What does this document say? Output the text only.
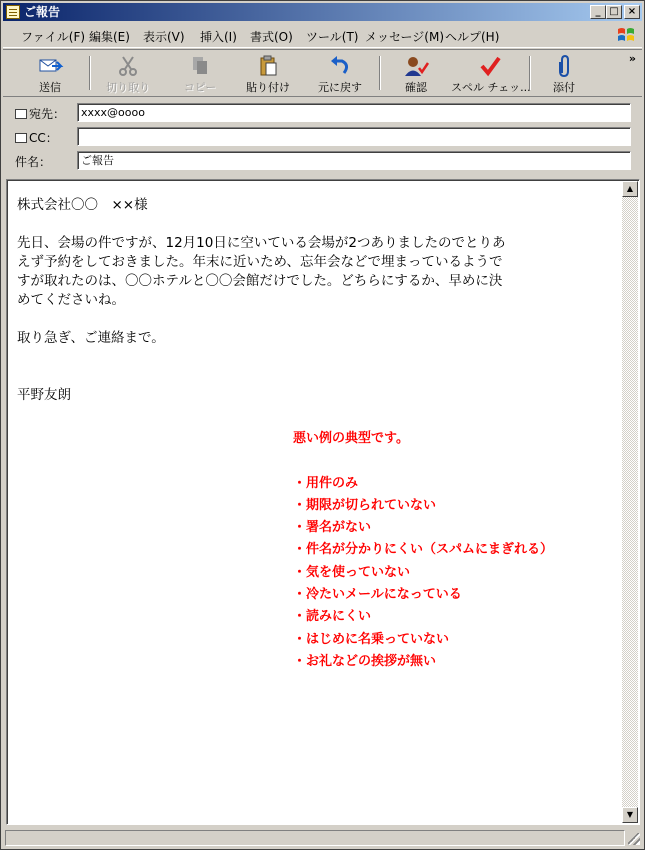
ご報告	_ □ ×
ファイル(F) 編集(E) 表示(V) 挿入(I) 書式(O) ツール(T) メッセージ(M) ヘルプ(H)
送信	切り取り	コピー	貼り付け	元に戻す	確認	スペル チェッ...	添付
»
宛先：	xxxx@oooo
CC：
件名：	ご報告

株式会社〇〇　××様

先日、会場の件ですが、12月10日に空いている会場が2つありましたのでとりあ

えず予約をしておきました。年末に近いため、忘年会などで埋まっているようで

すが取れたのは、〇〇ホテルと〇〇会館だけでした。どちらにするか、早めに決

めてくださいね。

取り急ぎ、ご連絡まで。

平野友朗

悪い例の典型です。

・用件のみ

・期限が切られていない

・署名がない

・件名が分かりにくい（スパムにまぎれる）

・気を使っていない

・冷たいメールになっている

・読みにくい

・はじめに名乗っていない

・お礼などの挨拶が無い

▲
▼
